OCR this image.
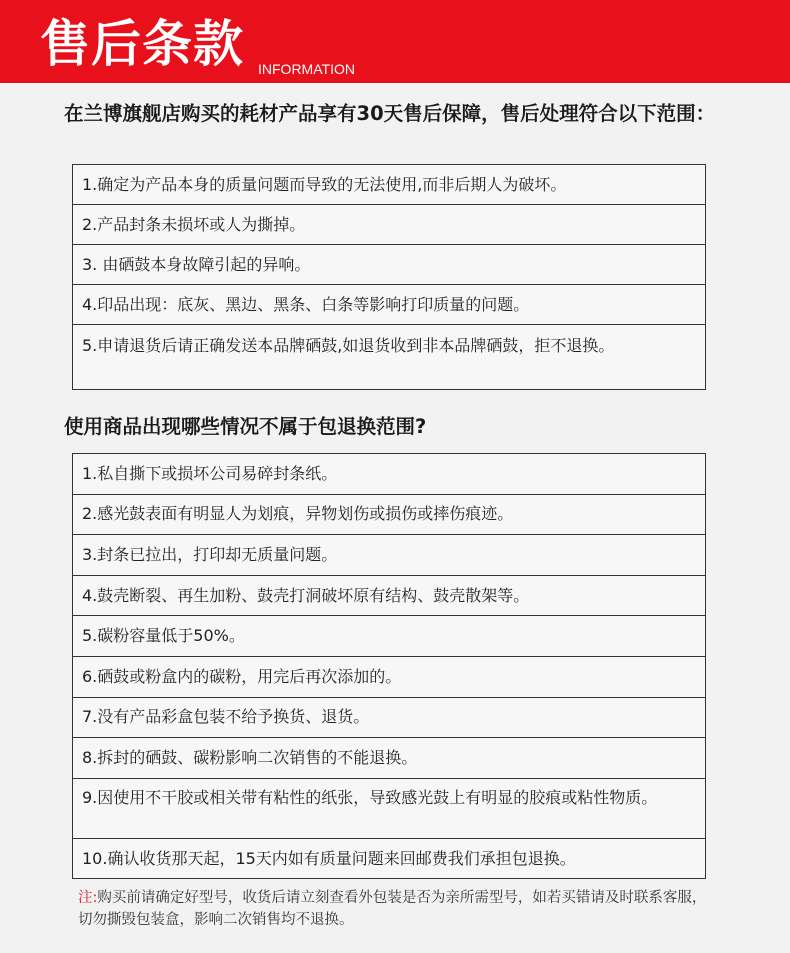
售后条款 INFORMATION
在兰博旗舰店购买的耗材产品享有30天售后保障，售后处理符合以下范围：
1.确定为产品本身的质量问题而导致的无法使用,而非后期人为破坏。
2.产品封条未损坏或人为撕掉。
3. 由硒鼓本身故障引起的异响。
4.印品出现：底灰、黑边、黑条、白条等影响打印质量的问题。
5.申请退货后请正确发送本品牌硒鼓,如退货收到非本品牌硒鼓，拒不退换。
使用商品出现哪些情况不属于包退换范围?
1.私自撕下或损坏公司易碎封条纸。
2.感光鼓表面有明显人为划痕，异物划伤或损伤或摔伤痕迹。
3.封条已拉出，打印却无质量问题。
4.鼓壳断裂、再生加粉、鼓壳打洞破坏原有结构、鼓壳散架等。
5.碳粉容量低于50%。
6.硒鼓或粉盒内的碳粉，用完后再次添加的。
7.没有产品彩盒包装不给予换货、退货。
8.拆封的硒鼓、碳粉影响二次销售的不能退换。
9.因使用不干胶或相关带有粘性的纸张，导致感光鼓上有明显的胶痕或粘性物质。
10.确认收货那天起，15天内如有质量问题来回邮费我们承担包退换。
注:购买前请确定好型号，收货后请立刻查看外包装是否为亲所需型号，如若买错请及时联系客服，切勿撕毁包装盒，影响二次销售均不退换。
